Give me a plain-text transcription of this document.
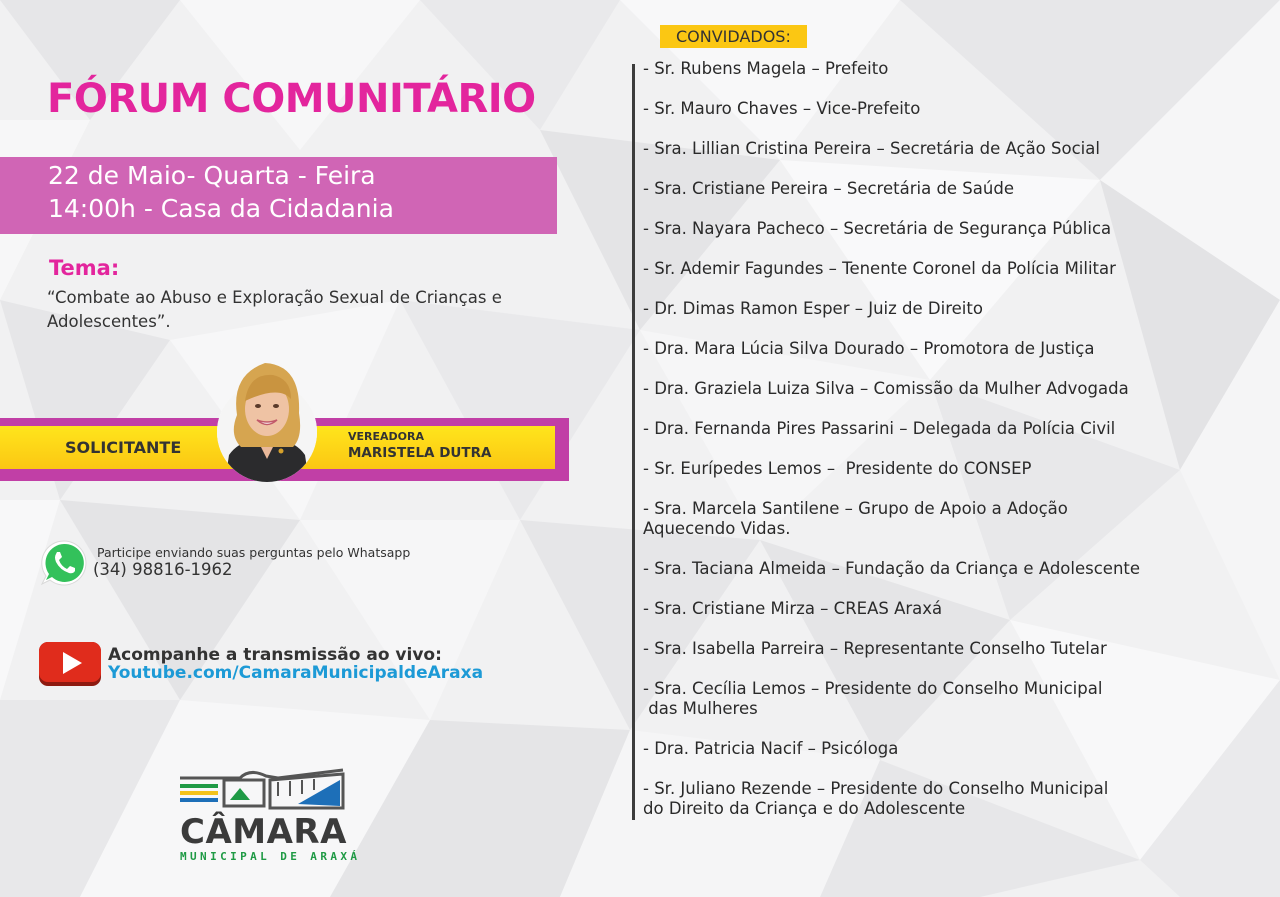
FÓRUM COMUNITÁRIO
22 de Maio- Quarta - Feira
14:00h - Casa da Cidadania
Tema:
“Combate ao Abuso e Exploração Sexual de Crianças e Adolescentes”.
SOLICITANTE
VEREADORA
MARISTELA DUTRA
Participe enviando suas perguntas pelo Whatsapp
(34) 98816-1962
Acompanhe a transmissão ao vivo:
Youtube.com/CamaraMunicipaldeAraxa
CÂMARA
MUNICIPAL DE ARAXÁ
CONVIDADOS:
- Sr. Rubens Magela – Prefeito
- Sr. Mauro Chaves – Vice-Prefeito
- Sra. Lillian Cristina Pereira – Secretária de Ação Social
- Sra. Cristiane Pereira – Secretária de Saúde
- Sra. Nayara Pacheco – Secretária de Segurança Pública
- Sr. Ademir Fagundes – Tenente Coronel da Polícia Militar
- Dr. Dimas Ramon Esper – Juiz de Direito
- Dra. Mara Lúcia Silva Dourado – Promotora de Justiça
- Dra. Graziela Luiza Silva – Comissão da Mulher Advogada
- Dra. Fernanda Pires Passarini – Delegada da Polícia Civil
- Sr. Eurípedes Lemos –  Presidente do CONSEP
- Sra. Marcela Santilene – Grupo de Apoio a Adoção
Aquecendo Vidas.
- Sra. Taciana Almeida – Fundação da Criança e Adolescente
- Sra. Cristiane Mirza – CREAS Araxá
- Sra. Isabella Parreira – Representante Conselho Tutelar
- Sra. Cecília Lemos – Presidente do Conselho Municipal
das Mulheres
- Dra. Patricia Nacif – Psicóloga
- Sr. Juliano Rezende – Presidente do Conselho Municipal
do Direito da Criança e do Adolescente
